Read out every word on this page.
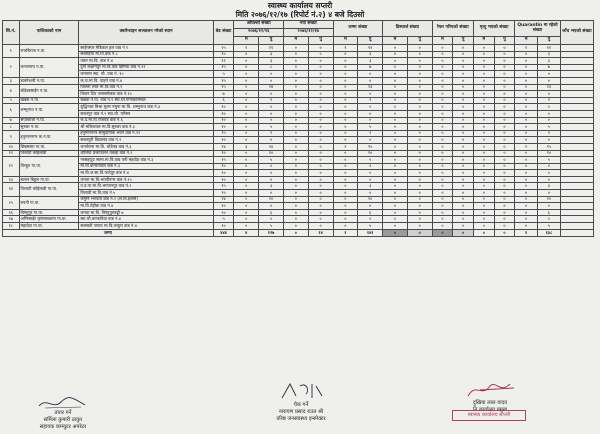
स्वास्थ्य कार्यालय सप्तरी
मिति २०७६/१२/१७ (रिपोर्ट नं.२) ४ बजे दिउसो
सि.नं.	पालिकाको नाम	क्वारेन्टाइन सञ्चालन गरेको स्थान	बेड संख्या	अघिल्लो संख्या		नया संख्या		जम्मा संख्या		डिस्चार्ज संख्या		रेफर गरिएको संख्या		मृत्यु भएको संख्या		Quarantin मा रहेको संख्या		जाँच भएको संख्या
				२०७६/१२/१६		२०७६/१२/१७												
				म	पु	म	पु	म	पु	म	पु	म	पु	म	पु	म	पु	
१	राजबिराज न.पा.	साईनस्पर मेडिकल हल वाड नं १	२५	१	११	०	०	१	११	०	०	०	०	०	०	१	११	
		सर्लाहिया मा.वि.वाड नं.८	१०	०	३	०	०	०	३	०	०	०	०	०	०	०	३	
२	कन्चनरुप न.पा.	तकर मा.वि. वाड नं.४	१२	०	३	०	०	०	३	०	०	०	०	०	०	०	३	
		दुर्गा लक्षानपुर मा.वि.वाड हिमिया वाड नं.११	१५	०	८	०	०	०	७	०	०	०	०	०	०	०	७	
		जनगाम स्वा. चौ. वाड नं. १०	५	०	०	०	०	०	०	०	०	०	०	०	०	०	०	
३	डाक्नेश्वरी न.पा.	क.च.मा.वि. पाहने वाड नं.४	१५	०	०	०	०	०	०	०	०	०	०	०	०	०	०	
४	बोदेबरसाईन न.पा.	जिल्ला लाल मा.वि.वाड नं.१	१५	०	१४	०	०	०	१३	०	०	०	०	०	०	०	१३	
		जिवन दिप जनसामेलक वाड नं.१०	७	०	०	०	०	०	०	०	०	०	०	०	०	०	०	
५	खडक न.पा.	खडक न.पा. वाड नं.९ स्वा.चौ.गोनाकारसाल	६	०	२	०	०	०	२	०	०	०	०	०	०	०	२	
६	शम्भुनाथ न.पा.	बुद्धिनाल मिश्रा मुलर नमुना मा.वि. शम्भुनाथ वाड नं.३	१०	०	०	०	०	०	०	०	०	०	०	०	०	०	०	
		सकरपुर वाड नं.९ स्वा.चौ. परिसर	१०	०	०	०	०	०	०	०	०	०	०	०	०	०	०	
७	सप्तकोशी न.पा.	ज.दे.मा.वि.राजपड वाड नं.६	१०	०	०	०	०	०	०	०	०	०	०	०	०	०	०	
८	सुरुङा न.पा.	श्री मलिकवल मा.वि.सुरुङा वाड नं.३	१०	०	५	०	०	०	५	०	०	०	०	०	०	०	५	
९	हनुमाननगर क.न.पा.	हनुमाननगर सामुदायिक भवन वाड नं.११	१५	०	२	०	०	०	२	०	०	०	०	०	०	०	२	
		सकरपुरी विद्यालय वाड नं.२	१०	०	०	०	०	०	०	०	०	०	०	०	०	०	०	
१०	छिन्नमस्ता गा.पा.	जनचेतना मा.वि. धोवेपड वाड नं.३	२४	३	१४	०	०	२	१५	०	०	०	०	०	०	२	१५	
११	तिलाठी कोईलाडी	धौलिया प्रजापालन तकड़ा वाड नं.२	१०	०	१०	०	०	०	१०	०	०	०	०	०	०	०	१०	
१२	तिरहुत गा.पा.	नरसहाटुट सामा.मा.वि.वाड पनी महादेव वाड नं.३	१५	०	५	०	०	०	५	०	०	०	०	०	०	०	५	
		मा.वि.कन्चनवाल वाड नं.३	१०	०	०	०	०	०	०	०	०	०	०	०	०	०	०	
		मा.वि.ज.सा.वि.फत्तेपुर वाड नं.४	१०	०	०	०	०	०	०	०	०	०	०	०	०	०	०	
१३	बलान बिहुल गा.पा.	जनता मा.वि.भगवीनगर वाड नं.१०	१०	०	०	०	०	०	०	०	०	०	०	०	०	०	०	
१४	तिलाठी कोईलाडी गा.पा.	त.व.ना.मा.वि.भगवानपुर वाड नं.१	१५	०	३	०	०	०	३	०	०	०	०	०	०	०	३	
		तिलाठी मा.वि.वाड नं.५	१०	०	०	०	०	०	०	०	०	०	०	०	०	०	०	
१५	रुपनी गा.पा.	जमुनि भगवती वाड नं.२ (ल.वि.इलामे)	२४	०	१०	०	०	०	१०	०	०	०	०	०	०	०	१०	
		मा.वि.तेहौडा वाड नं.४	१०	०	०	०	०	०	०	०	०	०	०	०	०	०	०	
१६	विष्णुपुर गा.पा.	जनता मा.वि. विष्णुपुरकट्टी ७	२०	०	६	०	०	०	६	०	०	०	०	०	०	०	६	
१७	अग्निसाईर कृष्णासवरण गा.पा.	स्वा.चौ.कन्जारिया वाड नं.४	५	०	०	०	०	०	०	०	०	०	०	०	०	०	०	
१८	महादेवा गा.पा.	सरस्वती जनता मा.वि.तरहुरा वाड नं.४	१०	०	५	०	०	०	५	०	०	०	०	०	०	०	५	
जम्मा			४४४	४	१२७	०	१४	१	१४१	०	०	०	०	०	०	१	१३८	
तयार गर्ने
सर्मिला कुमारी ठाकुर
सहायक कम्प्युटर अपरेटर
चेक गर्ने
नारायण प्रसाद राउत श्री
वरिष्ठ जनस्वास्थ्य इन्स्पेक्टर
दुखिया लाल यादव
नि.कार्यालय प्रमुख
स्वास्थ्य कार्यालय सप्तरी
